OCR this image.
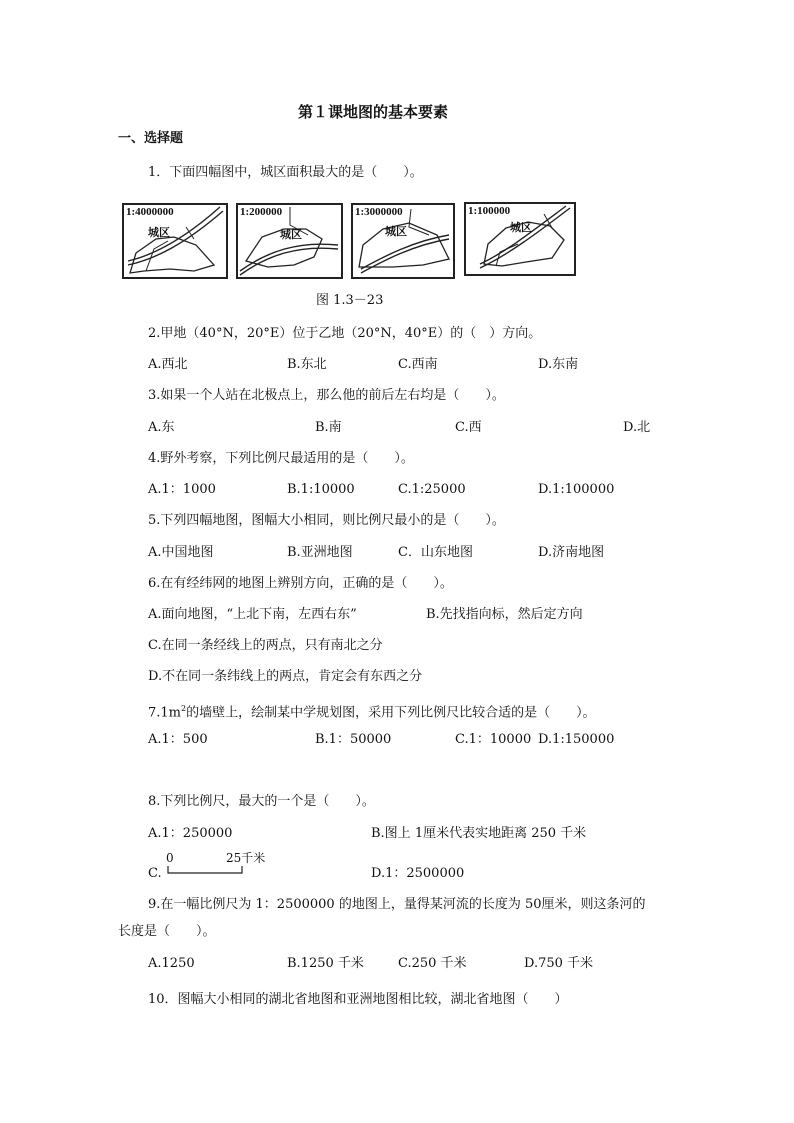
第１课地图的基本要素
一、选择题
1．下面四幅图中，城区面积最大的是（　　）。
1:4000000
城区
1:200000
城区
1:3000000
城区
1:100000
城区
图 1.3－23
2.甲地（40°N，20°E）位于乙地（20°N，40°E）的（　）方向。
A.西北	B.东北	C.西南	D.东南
3.如果一个人站在北极点上，那么他的前后左右均是（　　）。
A.东	B.南	C.西	D.北
4.野外考察，下列比例尺最适用的是（　　）。
A.1：1000	B.1:10000	C.1:25000	D.1:100000
5.下列四幅地图，图幅大小相同，则比例尺最小的是（　　）。
A.中国地图	B.亚洲地图	C．山东地图	D.济南地图
6.在有经纬网的地图上辨别方向，正确的是（　　）。
A.面向地图，“上北下南，左西右东”	B.先找指向标，然后定方向
C.在同一条经线上的两点，只有南北之分
D.不在同一条纬线上的两点，肯定会有东西之分
$7.1m^2$的墙壁上，绘制某中学规划图，采用下列比例尺比较合适的是（　　）。
A.1：500	B.1：50000	C.1：10000 D.1:150000
8.下列比例尺，最大的一个是（　　）。
A.1：250000	B.图上 1厘米代表实地距离 250 千米
C.
0	25千米
D.1：2500000
9.在一幅比例尺为 1：2500000 的地图上，量得某河流的长度为 50厘米，则这条河的
长度是（　　）。
A.1250	B.1250 千米	C.250 千米	D.750 千米
10．图幅大小相同的湖北省地图和亚洲地图相比较，湖北省地图（　　）
